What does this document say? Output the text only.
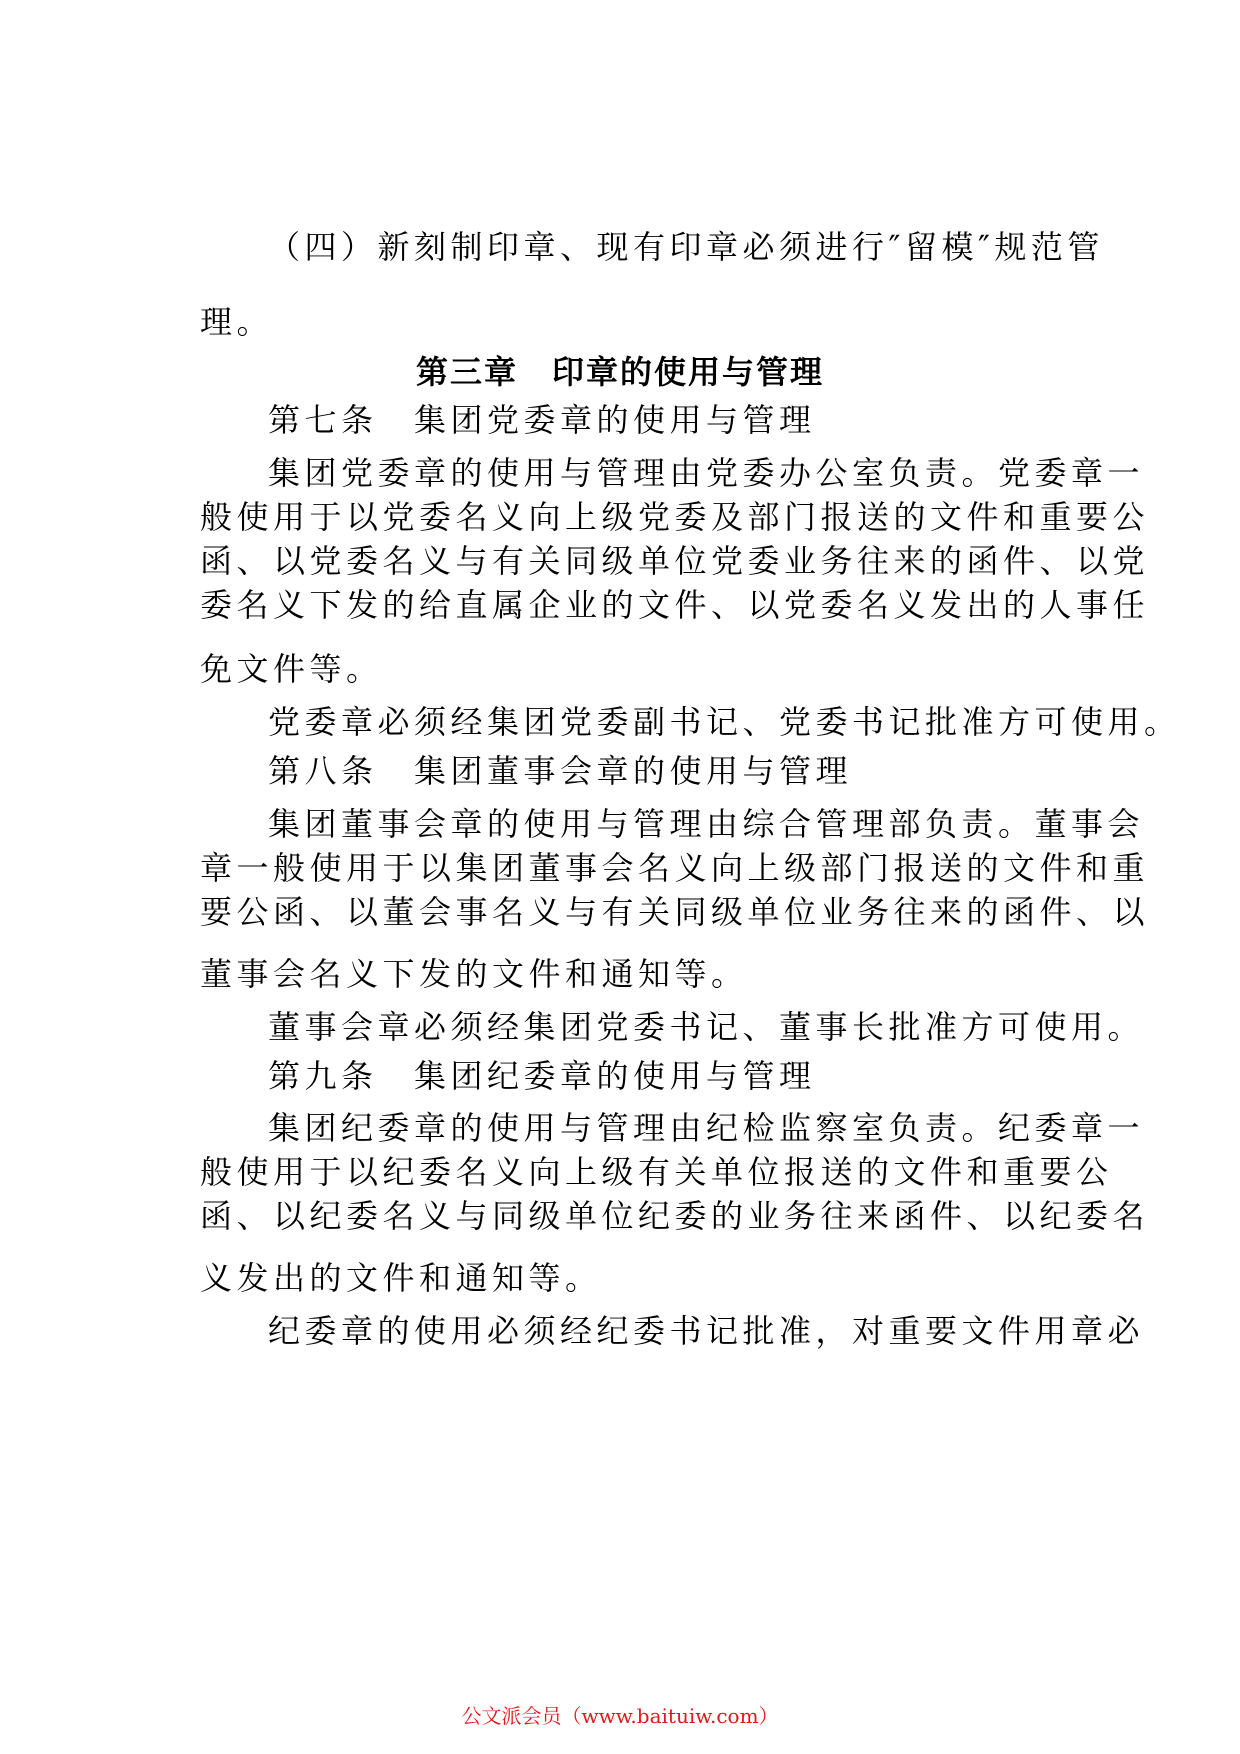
（四）新刻制印章、现有印章必须进行″留模″规范管
理。
第三章　印章的使用与管理
第七条　集团党委章的使用与管理
集团党委章的使用与管理由党委办公室负责。党委章一
般使用于以党委名义向上级党委及部门报送的文件和重要公
函、以党委名义与有关同级单位党委业务往来的函件、以党
委名义下发的给直属企业的文件、以党委名义发出的人事任
免文件等。
党委章必须经集团党委副书记、党委书记批准方可使用。
第八条　集团董事会章的使用与管理
集团董事会章的使用与管理由综合管理部负责。董事会
章一般使用于以集团董事会名义向上级部门报送的文件和重
要公函、以董会事名义与有关同级单位业务往来的函件、以
董事会名义下发的文件和通知等。
董事会章必须经集团党委书记、董事长批准方可使用。
第九条　集团纪委章的使用与管理
集团纪委章的使用与管理由纪检监察室负责。纪委章一
般使用于以纪委名义向上级有关单位报送的文件和重要公
函、以纪委名义与同级单位纪委的业务往来函件、以纪委名
义发出的文件和通知等。
纪委章的使用必须经纪委书记批准，对重要文件用章必
公文派会员（www.baituiw.com）
